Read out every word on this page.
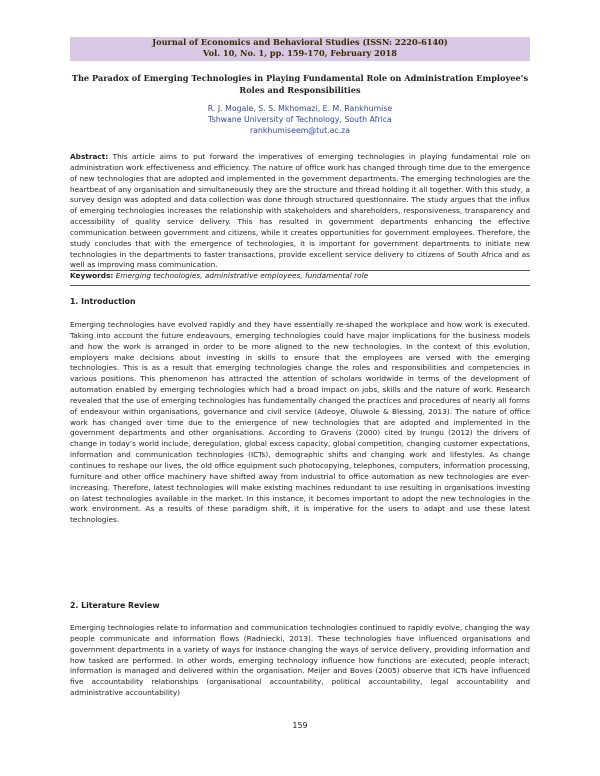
Journal of Economics and Behavioral Studies (ISSN: 2220-6140)
Vol. 10, No. 1, pp. 159-170, February 2018
The Paradox of Emerging Technologies in Playing Fundamental Role on Administration Employee’s
Roles and Responsibilities
R. J. Mogale, S. S. Mkhomazi, E. M. Rankhumise
Tshwane University of Technology, South Africa
rankhumiseem@tut.ac.za
Abstract: This article aims to put forward the imperatives of emerging technologies in playing fundamental role on administration work effectiveness and efficiency. The nature of office work has changed through time due to the emergence of new technologies that are adopted and implemented in the government departments. The emerging technologies are the heartbeat of any organisation and simultaneously they are the structure and thread holding it all together. With this study, a survey design was adopted and data collection was done through structured questionnaire. The study argues that the influx of emerging technologies increases the relationship with stakeholders and shareholders, responsiveness, transparency and accessibility of quality service delivery. This has resulted in government departments enhancing the effective communication between government and citizens, while it creates opportunities for government employees. Therefore, the study concludes that with the emergence of technologies, it is important for government departments to initiate new technologies in the departments to faster transactions, provide excellent service delivery to citizens of South Africa and as well as improving mass communication.
Keywords: Emerging technologies, administrative employees, fundamental role
1. Introduction
Emerging technologies have evolved rapidly and they have essentially re-shaped the workplace and how work is executed. Taking into account the future endeavours, emerging technologies could have major implications for the business models and how the work is arranged in order to be more aligned to the new technologies. In the context of this evolution, employers make decisions about investing in skills to ensure that the employees are versed with the emerging technologies. This is as a result that emerging technologies change the roles and responsibilities and competencies in various positions. This phenomenon has attracted the attention of scholars worldwide in terms of the development of automation enabled by emerging technologies which had a broad impact on jobs, skills and the nature of work. Research revealed that the use of emerging technologies has fundamentally changed the practices and procedures of nearly all forms of endeavour within organisations, governance and civil service (Adeoye, Oluwole & Blessing, 2013). The nature of office work has changed over time due to the emergence of new technologies that are adopted and implemented in the government departments and other organisations. According to Gravens (2000) cited by Irungu (2012) the drivers of change in today’s world include, deregulation, global excess capacity, global competition, changing customer expectations, information and communication technologies (ICTs), demographic shifts and changing work and lifestyles. As change continues to reshape our lives, the old office equipment such photocopying, telephones, computers, information processing, furniture and other office machinery have shifted away from industrial to office automation as new technologies are ever-increasing. Therefore, latest technologies will make existing machines redundant to use resulting in organisations investing on latest technologies available in the market. In this instance, it becomes important to adopt the new technologies in the work environment. As a results of these paradigm shift, it is imperative for the users to adapt and use these latest technologies.
2. Literature Review
Emerging technologies relate to information and communication technologies continued to rapidly evolve, changing the way people communicate and information flows (Radniecki, 2013). These technologies have influenced organisations and government departments in a variety of ways for instance changing the ways of service delivery, providing information and how tasked are performed. In other words, emerging technology influence how functions are executed; people interact; information is managed and delivered within the organisation. Meijer and Boves (2005) observe that ICTs have influenced five accountability relationships (organisational accountability, political accountability, legal accountability and administrative accountability)
159
